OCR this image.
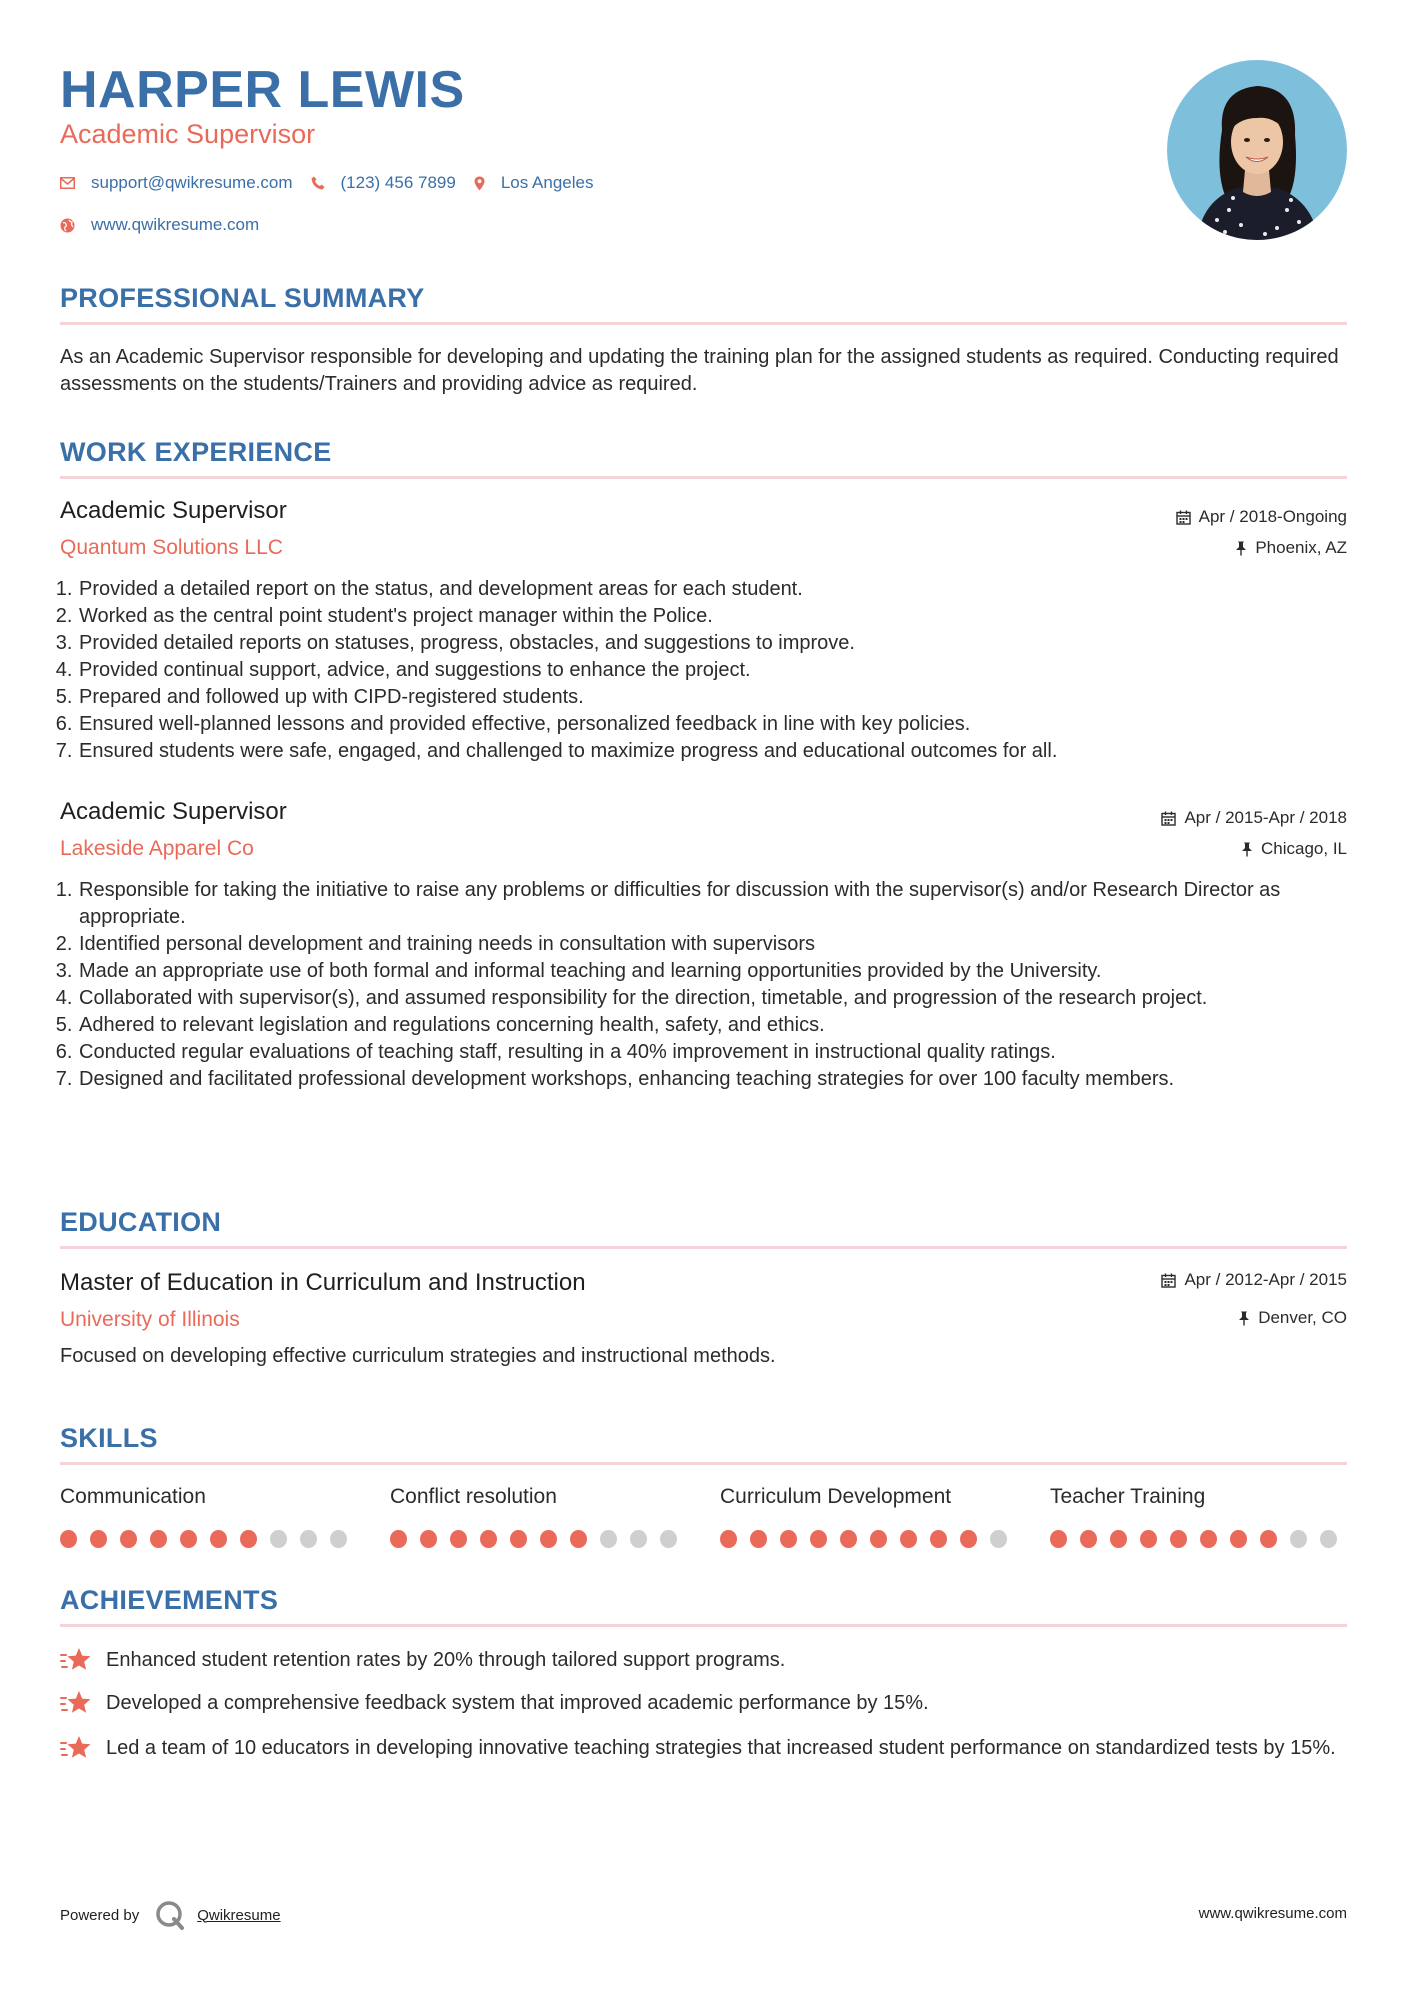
HARPER LEWIS
Academic Supervisor
support@qwikresume.com	(123) 456 7899	Los Angeles
www.qwikresume.com
PROFESSIONAL SUMMARY
As an Academic Supervisor responsible for developing and updating the training plan for the assigned students as required. Conducting required assessments on the students/Trainers and providing advice as required.
WORK EXPERIENCE
Academic Supervisor
Quantum Solutions LLC
Apr / 2018-Ongoing
Phoenix, AZ
1. Provided a detailed report on the status, and development areas for each student.
2. Worked as the central point student's project manager within the Police.
3. Provided detailed reports on statuses, progress, obstacles, and suggestions to improve.
4. Provided continual support, advice, and suggestions to enhance the project.
5. Prepared and followed up with CIPD-registered students.
6. Ensured well-planned lessons and provided effective, personalized feedback in line with key policies.
7. Ensured students were safe, engaged, and challenged to maximize progress and educational outcomes for all.
Academic Supervisor
Lakeside Apparel Co
Apr / 2015-Apr / 2018
Chicago, IL
1. Responsible for taking the initiative to raise any problems or difficulties for discussion with the supervisor(s) and/or Research Director as appropriate.
2. Identified personal development and training needs in consultation with supervisors
3. Made an appropriate use of both formal and informal teaching and learning opportunities provided by the University.
4. Collaborated with supervisor(s), and assumed responsibility for the direction, timetable, and progression of the research project.
5. Adhered to relevant legislation and regulations concerning health, safety, and ethics.
6. Conducted regular evaluations of teaching staff, resulting in a 40% improvement in instructional quality ratings.
7. Designed and facilitated professional development workshops, enhancing teaching strategies for over 100 faculty members.
EDUCATION
Master of Education in Curriculum and Instruction
University of Illinois
Apr / 2012-Apr / 2015
Denver, CO
Focused on developing effective curriculum strategies and instructional methods.
SKILLS
Communication	Conflict resolution	Curriculum Development	Teacher Training
ACHIEVEMENTS
Enhanced student retention rates by 20% through tailored support programs.
Developed a comprehensive feedback system that improved academic performance by 15%.
Led a team of 10 educators in developing innovative teaching strategies that increased student performance on standardized tests by 15%.
Powered by	Qwikresume	www.qwikresume.com
